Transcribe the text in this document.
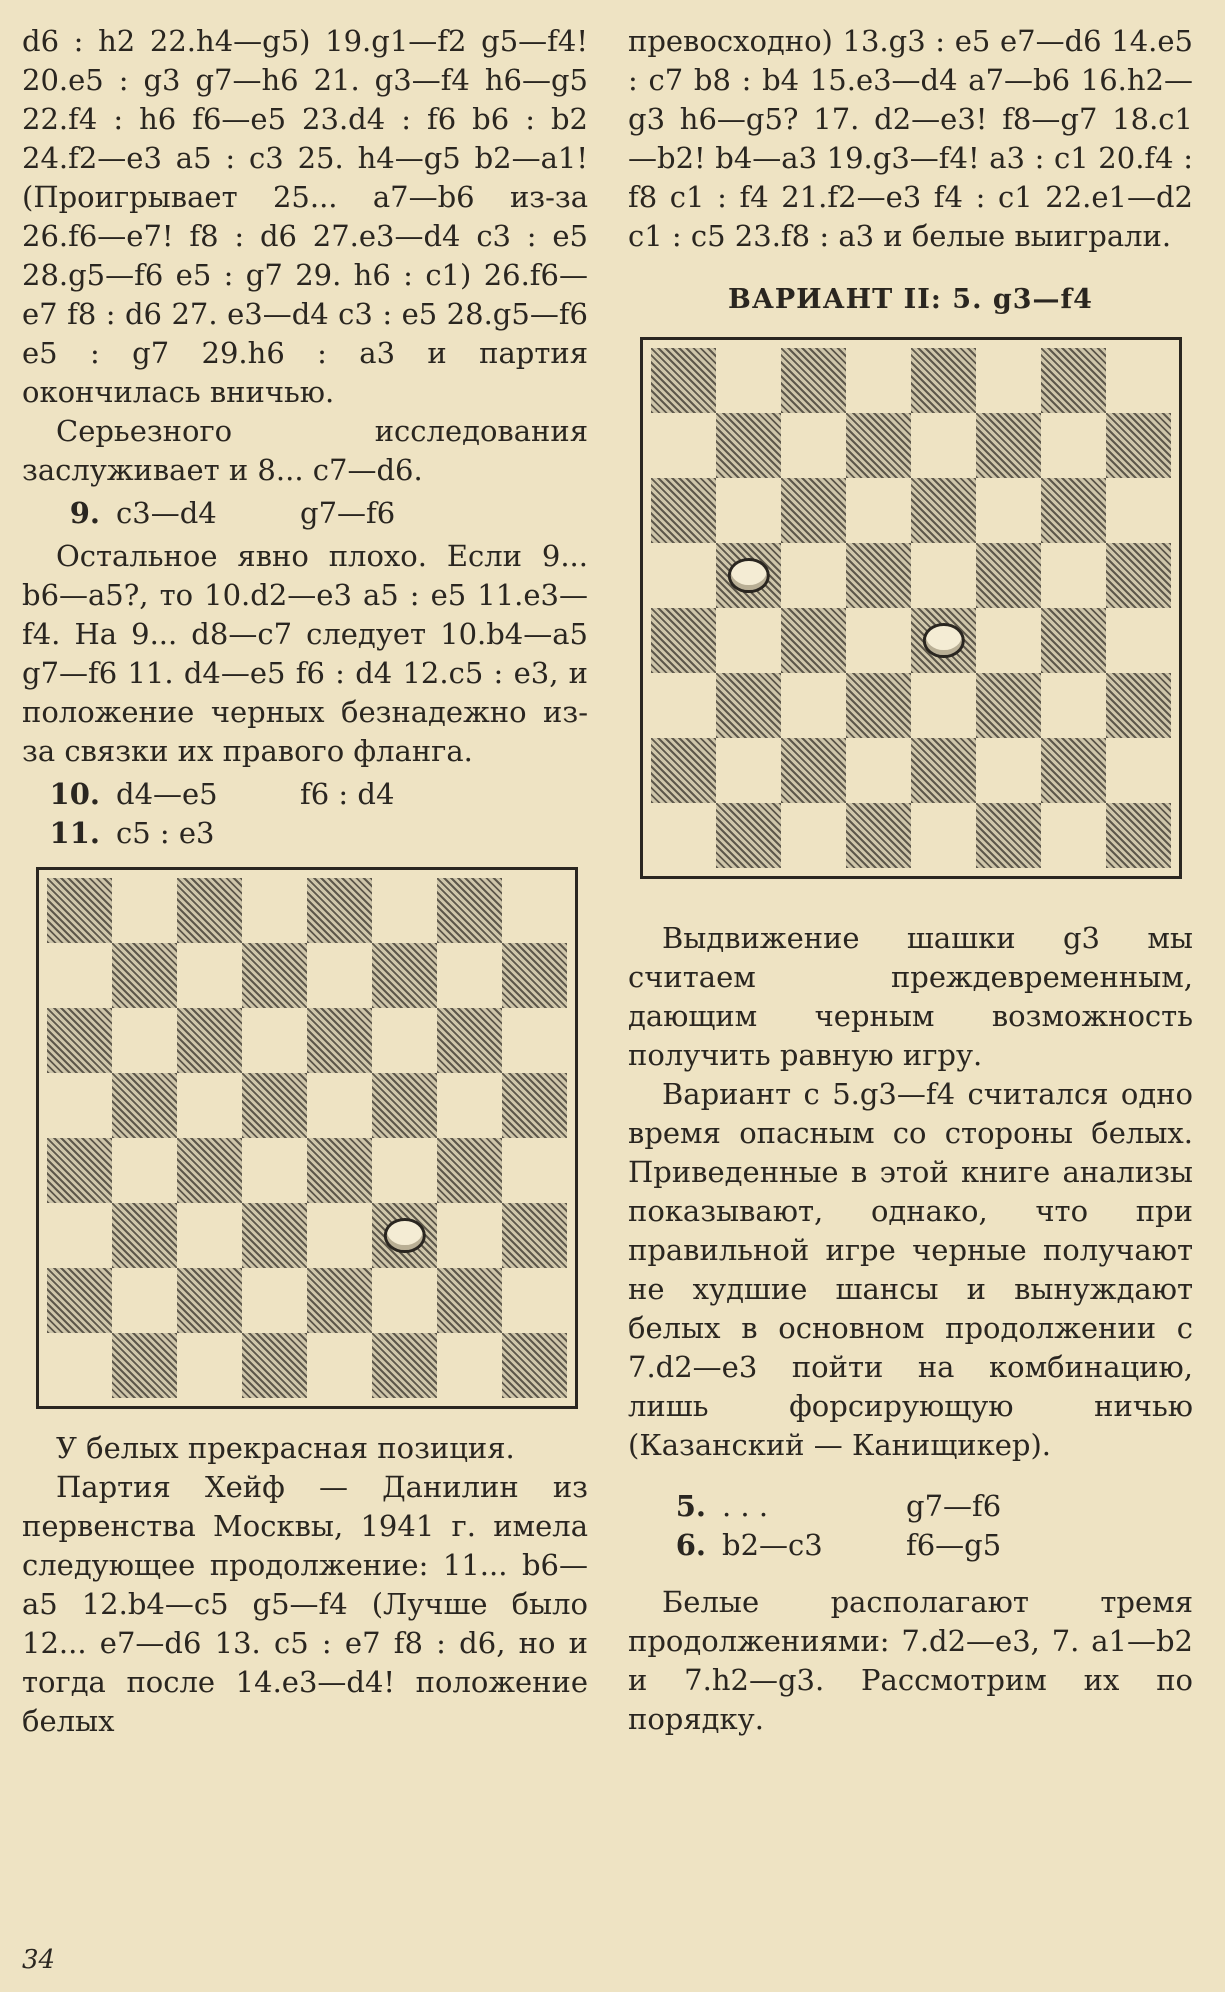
d6 : h2 22.h4—g5) 19.g1—f2 g5—f4! 20.e5 : g3 g7—h6 21. g3—f4 h6—g5 22.f4 : h6 f6—e5 23.d4 : f6 b6 : b2 24.f2—e3 a5 : c3 25. h4—g5 b2—a1! (Проигрывает 25... a7—b6 из-за 26.f6—e7! f8 : d6 27.e3—d4 c3 : e5 28.g5—f6 e5 : g7 29. h6 : c1) 26.f6—e7 f8 : d6 27. e3—d4 c3 : e5 28.g5—f6 e5 : g7 29.h6 : a3 и партия окончилась вничью.

Серьезного исследования заслуживает и 8... c7—d6.

9. c3—d4	g7—f6

Остальное явно плохо. Если 9... b6—a5?, то 10.d2—e3 a5 : e5 11.e3—f4. На 9... d8—c7 следует 10.b4—a5 g7—f6 11. d4—e5 f6 : d4 12.c5 : e3, и положение черных безнадежно из-за связки их правого фланга.

10. d4—e5	f6 : d4
11. c5 : e3

У белых прекрасная позиция.

Партия Хейф — Данилин из первенства Москвы, 1941 г. имела следующее продолжение: 11... b6—a5 12.b4—c5 g5—f4 (Лучше было 12... e7—d6 13. c5 : e7 f8 : d6, но и тогда после 14.e3—d4! положение белых

превосходно) 13.g3 : e5 e7—d6 14.e5 : c7 b8 : b4 15.e3—d4 a7—b6 16.h2—g3 h6—g5? 17. d2—e3! f8—g7 18.c1—b2! b4—a3 19.g3—f4! a3 : c1 20.f4 : f8 c1 : f4 21.f2—e3 f4 : c1 22.e1—d2 c1 : c5 23.f8 : a3 и белые выиграли.

ВАРИАНТ II: 5. g3—f4

Выдвижение шашки g3 мы считаем преждевременным, дающим черным возможность получить равную игру.

Вариант с 5.g3—f4 считался одно время опасным со стороны белых. Приведенные в этой книге анализы показывают, однако, что при правильной игре черные получают не худшие шансы и вынуждают белых в основном продолжении с 7.d2—e3 пойти на комбинацию, лишь форсирующую ничью (Казанский — Канищикер).

5. . . .	g7—f6
6. b2—c3	f6—g5

Белые располагают тремя продолжениями: 7.d2—e3, 7. a1—b2 и 7.h2—g3. Рассмотрим их по порядку.

34
